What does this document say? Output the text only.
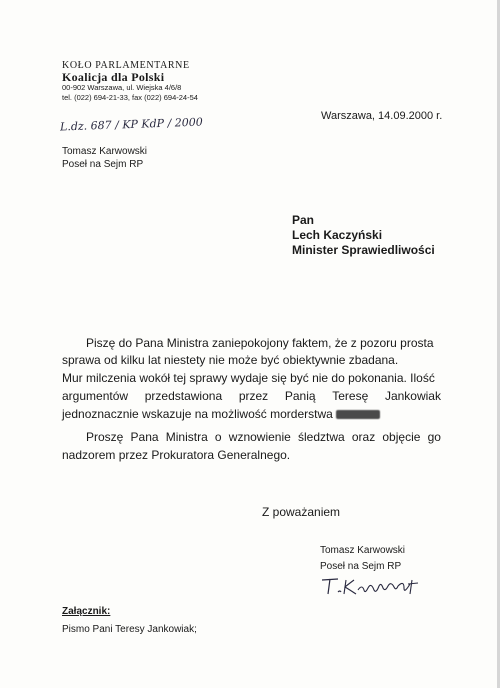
KOŁO PARLAMENTARNE
Koalicja dla Polski
00-902 Warszawa, ul. Wiejska 4/6/8
tel. (022) 694-21-33, fax (022) 694-24-54
Warszawa, 14.09.2000 r.
L.dz. 687 / KP KdP / 2000
Tomasz Karwowski
Poseł na Sejm RP
Pan
Lech Kaczyński
Minister Sprawiedliwości
Piszę do Pana Ministra zaniepokojony faktem, że z pozoru prosta
sprawa od kilku lat niestety nie może być obiektywnie zbadana.
Mur milczenia wokół tej sprawy wydaje się być nie do pokonania. Ilość
argumentów przedstawiona przez Panią Teresę Jankowiak
jednoznacznie wskazuje na możliwość morderstwa
Proszę Pana Ministra o wznowienie śledztwa oraz objęcie go
nadzorem przez Prokuratora Generalnego.
Z poważaniem
Tomasz Karwowski
Poseł na Sejm RP
Załącznik:
Pismo Pani Teresy Jankowiak;
